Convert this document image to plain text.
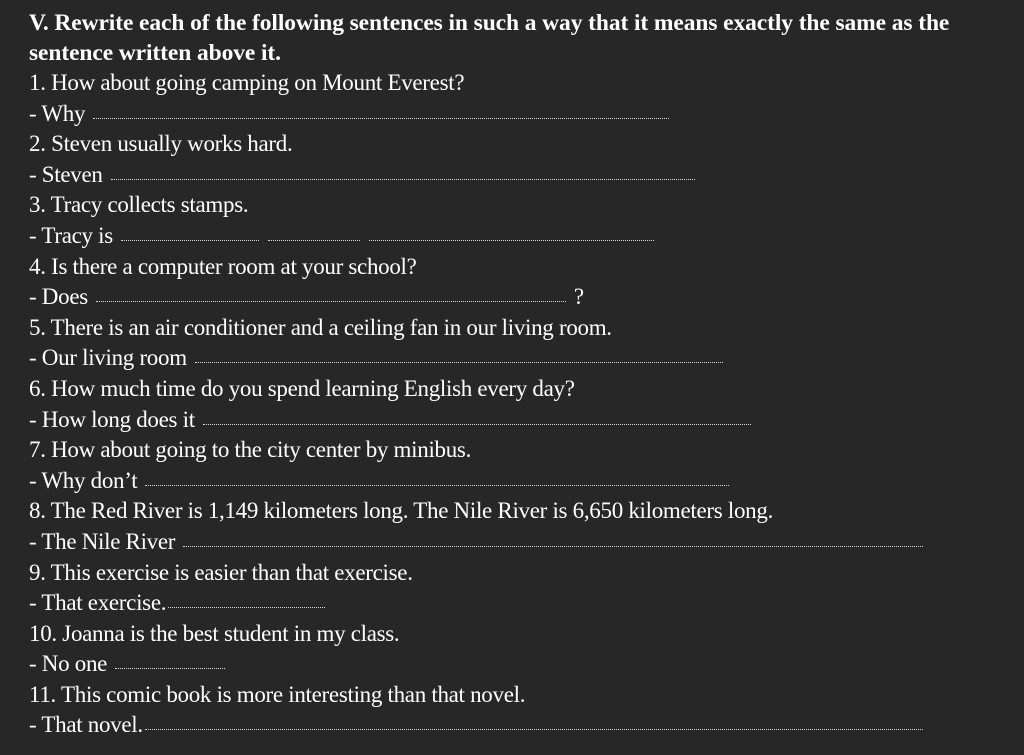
V. Rewrite each of the following sentences in such a way that it means exactly the same as the sentence written above it.
1. How about going camping on Mount Everest?
- Why
2. Steven usually works hard.
- Steven
3. Tracy collects stamps.
- Tracy is
4. Is there a computer room at your school?
- Does	?
5. There is an air conditioner and a ceiling fan in our living room.
- Our living room
6. How much time do you spend learning English every day?
- How long does it
7. How about going to the city center by minibus.
- Why don’t
8. The Red River is 1,149 kilometers long. The Nile River is 6,650 kilometers long.
- The Nile River
9. This exercise is easier than that exercise.
- That exercise.
10. Joanna is the best student in my class.
- No one
11. This comic book is more interesting than that novel.
- That novel.
